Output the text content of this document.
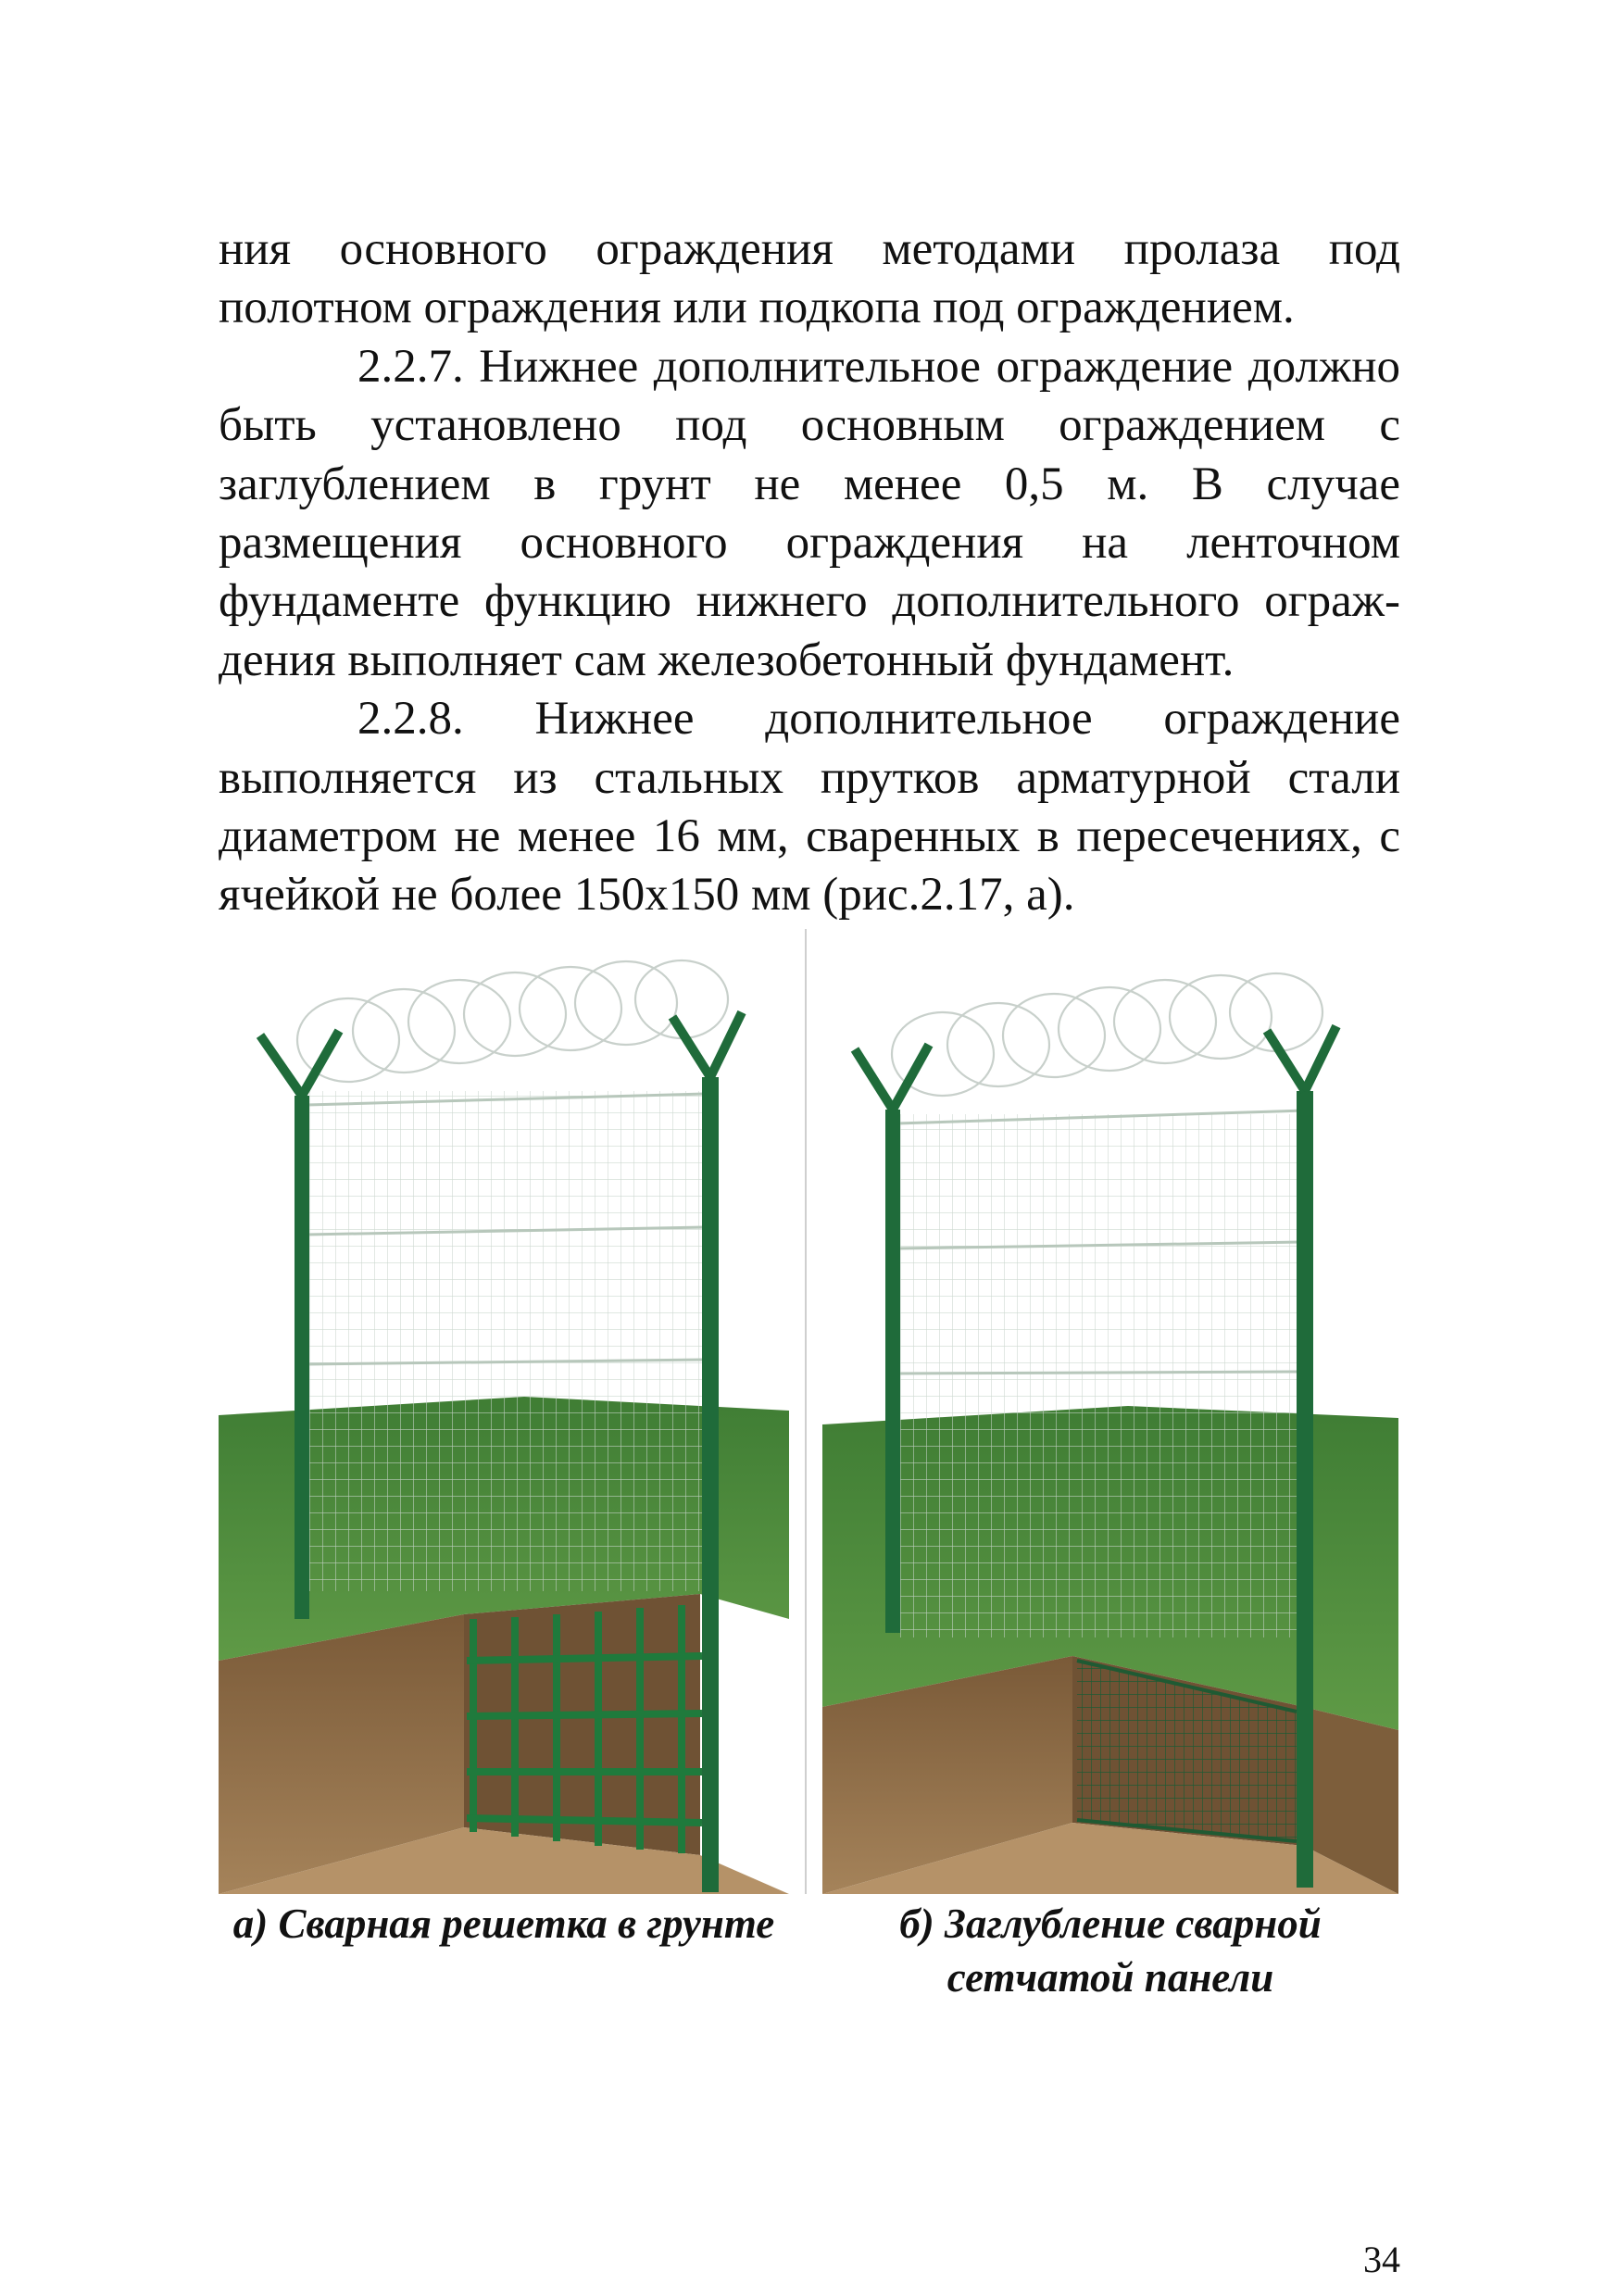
ния основного ограждения методами пролаза под полотном ограждения или подкопа под ограждением.

2.2.7. Нижнее дополнительное ограждение должно быть установлено под основным ограждением с заглублением в грунт не менее 0,5 м. В случае размещения основного ограждения на ленточном фундаменте функцию нижнего дополнительного ограж-дения выполняет сам железобетонный фундамент.

2.2.8. Нижнее дополнительное ограждение выполняется из стальных прутков арматурной стали диаметром не менее 16 мм, сваренных в пересечениях, с ячейкой не более 150х150 мм (рис.2.17, а).

а) Сварная решетка в грунте	б) Заглубление сварной сетчатой панели
34
